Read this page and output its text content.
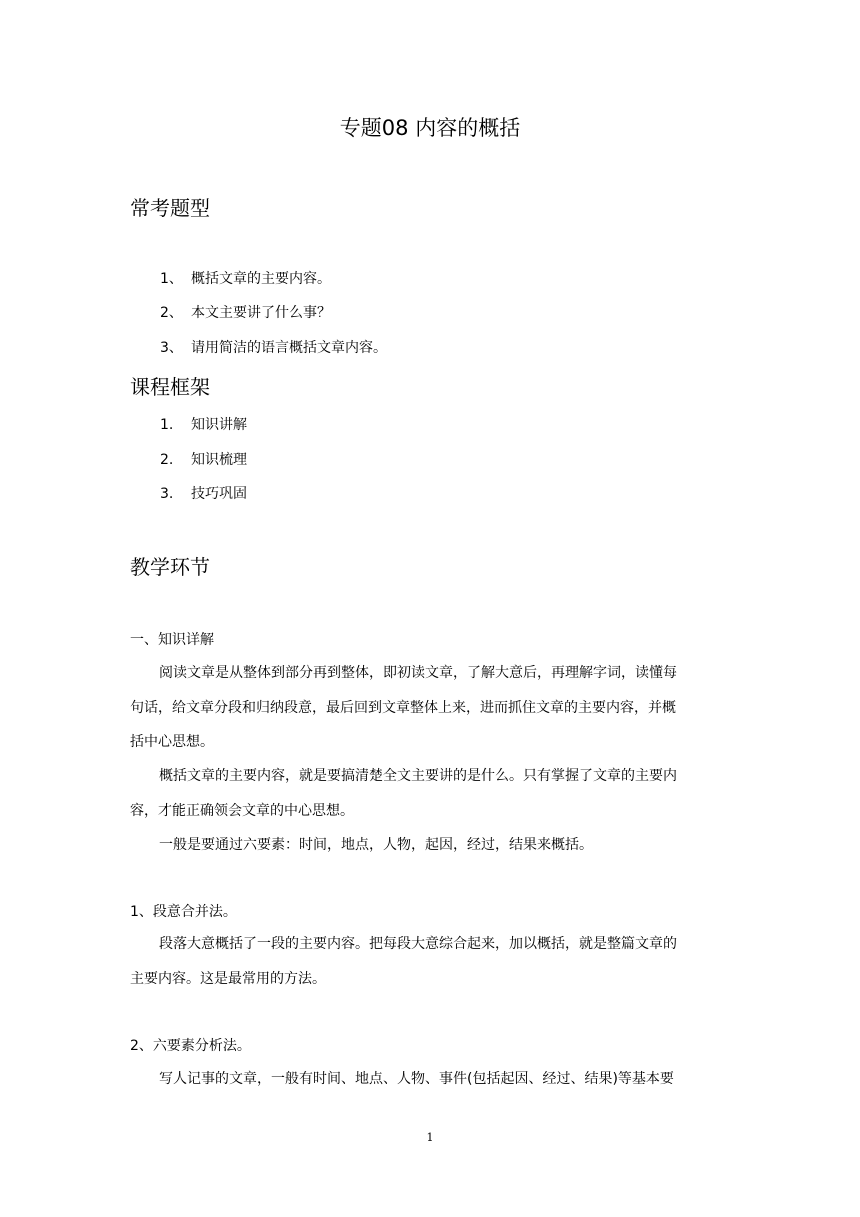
专题08 内容的概括
常考题型
1、 概括文章的主要内容。
2、 本文主要讲了什么事？
3、 请用简洁的语言概括文章内容。
课程框架
1. 知识讲解
2. 知识梳理
3. 技巧巩固
教学环节
一、知识详解
阅读文章是从整体到部分再到整体，即初读文章，了解大意后，再理解字词，读懂每
句话，给文章分段和归纳段意，最后回到文章整体上来，进而抓住文章的主要内容，并概
括中心思想。
概括文章的主要内容，就是要搞清楚全文主要讲的是什么。只有掌握了文章的主要内
容，才能正确领会文章的中心思想。
一般是要通过六要素：时间，地点，人物，起因，经过，结果来概括。
1、段意合并法。
段落大意概括了一段的主要内容。把每段大意综合起来，加以概括，就是整篇文章的
主要内容。这是最常用的方法。
2、六要素分析法。
写人记事的文章，一般有时间、地点、人物、事件(包括起因、经过、结果)等基本要
1
